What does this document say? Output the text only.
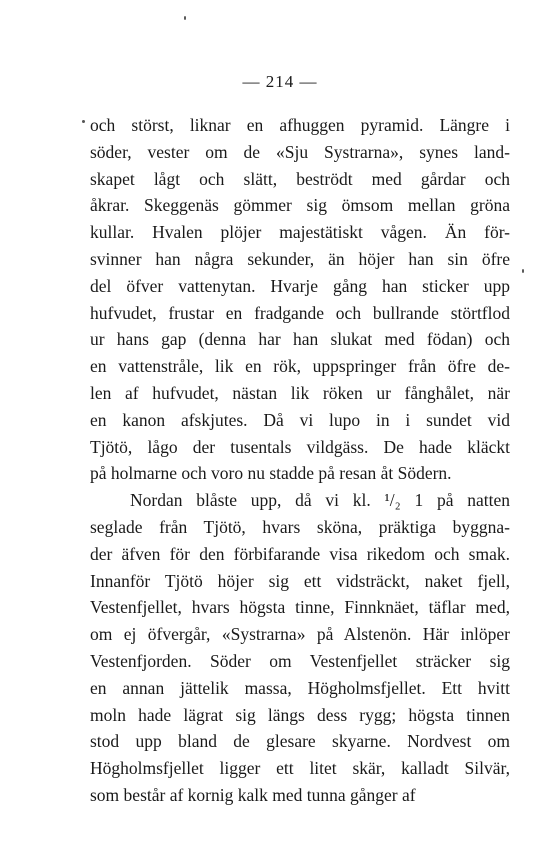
— 214 —
och störst, liknar en afhuggen pyramid. Längre i
söder, vester om de «Sju Systrarna», synes land-
skapet lågt och slätt, beströdt med gårdar och
åkrar. Skeggenäs gömmer sig ömsom mellan gröna
kullar. Hvalen plöjer majestätiskt vågen. Än för-
svinner han några sekunder, än höjer han sin öfre
del öfver vattenytan. Hvarje gång han sticker upp
hufvudet, frustar en fradgande och bullrande störtflod
ur hans gap (denna har han slukat med födan) och
en vattenstråle, lik en rök, uppspringer från öfre de-
len af hufvudet, nästan lik röken ur fånghålet, när
en kanon afskjutes. Då vi lupo in i sundet vid
Tjötö, lågo der tusentals vildgäss. De hade kläckt
på holmarne och voro nu stadde på resan åt Södern.
Nordan blåste upp, då vi kl. ¹/₂ 1 på natten
seglade från Tjötö, hvars sköna, präktiga byggna-
der äfven för den förbifarande visa rikedom och smak.
Innanför Tjötö höjer sig ett vidsträckt, naket fjell,
Vestenfjellet, hvars högsta tinne, Finnknäet, täflar med,
om ej öfvergår, «Systrarna» på Alstenön. Här inlöper
Vestenfjorden. Söder om Vestenfjellet sträcker sig
en annan jättelik massa, Högholmsfjellet. Ett hvitt
moln hade lägrat sig längs dess rygg; högsta tinnen
stod upp bland de glesare skyarne. Nordvest om
Högholmsfjellet ligger ett litet skär, kalladt Silvär,
som består af kornig kalk med tunna gånger af
